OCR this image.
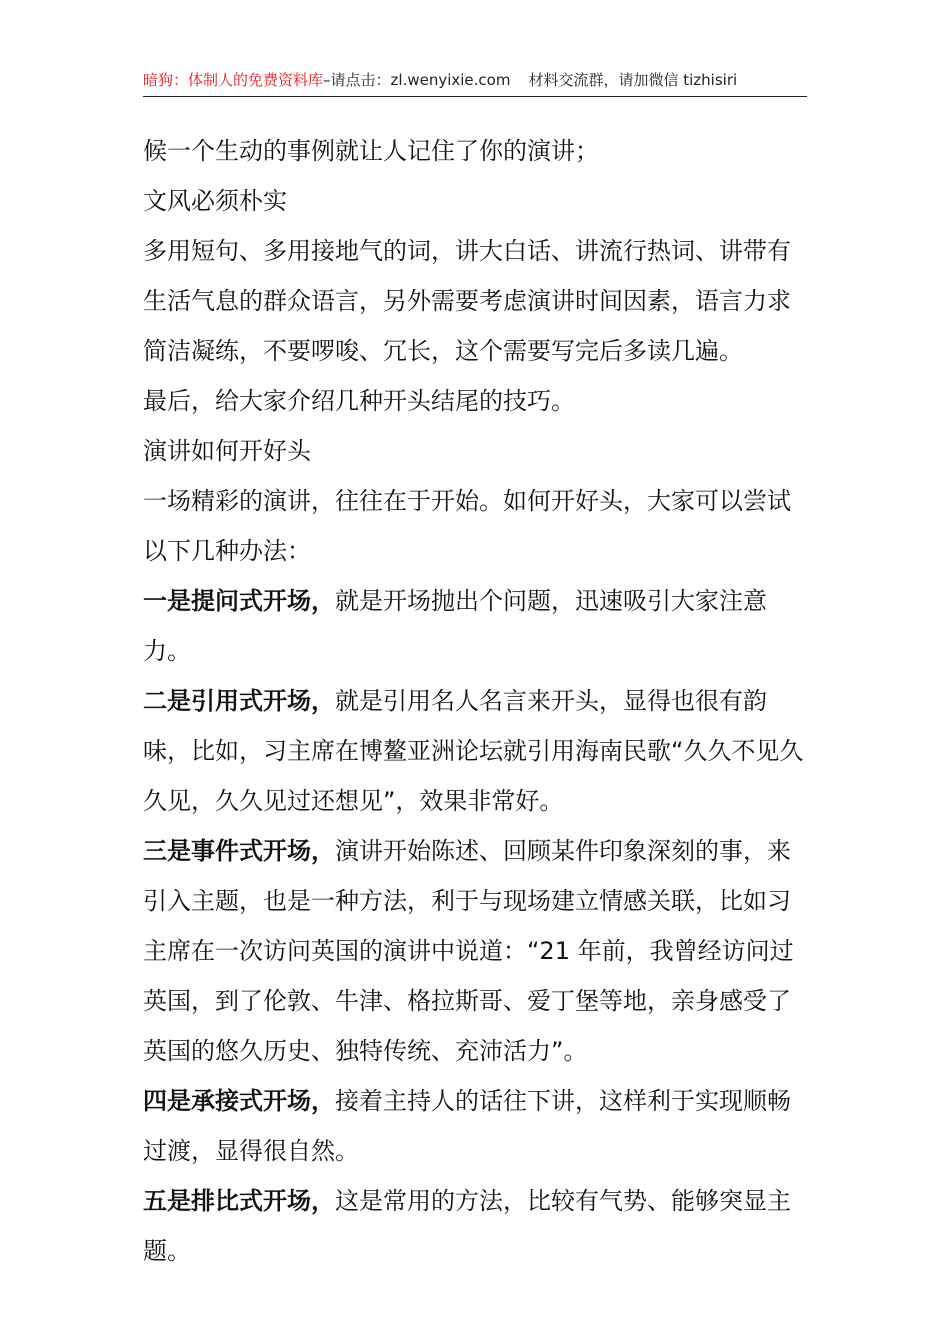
暗狗：体制人的免费资料库–请点击：zl.wenyixie.com 材料交流群，请加微信 tizhisiri

候一个生动的事例就让人记住了你的演讲；

文风必须朴实

多用短句、多用接地气的词，讲大白话、讲流行热词、讲带有生活气息的群众语言，另外需要考虑演讲时间因素，语言力求简洁凝练，不要啰唆、冗长，这个需要写完后多读几遍。

最后，给大家介绍几种开头结尾的技巧。

演讲如何开好头

一场精彩的演讲，往往在于开始。如何开好头，大家可以尝试以下几种办法：

一是提问式开场，就是开场抛出个问题，迅速吸引大家注意力。

二是引用式开场，就是引用名人名言来开头，显得也很有韵味，比如，习主席在博鳌亚洲论坛就引用海南民歌“久久不见久久见，久久见过还想见”，效果非常好。

三是事件式开场，演讲开始陈述、回顾某件印象深刻的事，来引入主题，也是一种方法，利于与现场建立情感关联，比如习主席在一次访问英国的演讲中说道：“21 年前，我曾经访问过英国，到了伦敦、牛津、格拉斯哥、爱丁堡等地，亲身感受了英国的悠久历史、独特传统、充沛活力”。

四是承接式开场，接着主持人的话往下讲，这样利于实现顺畅过渡，显得很自然。

五是排比式开场，这是常用的方法，比较有气势、能够突显主题。
